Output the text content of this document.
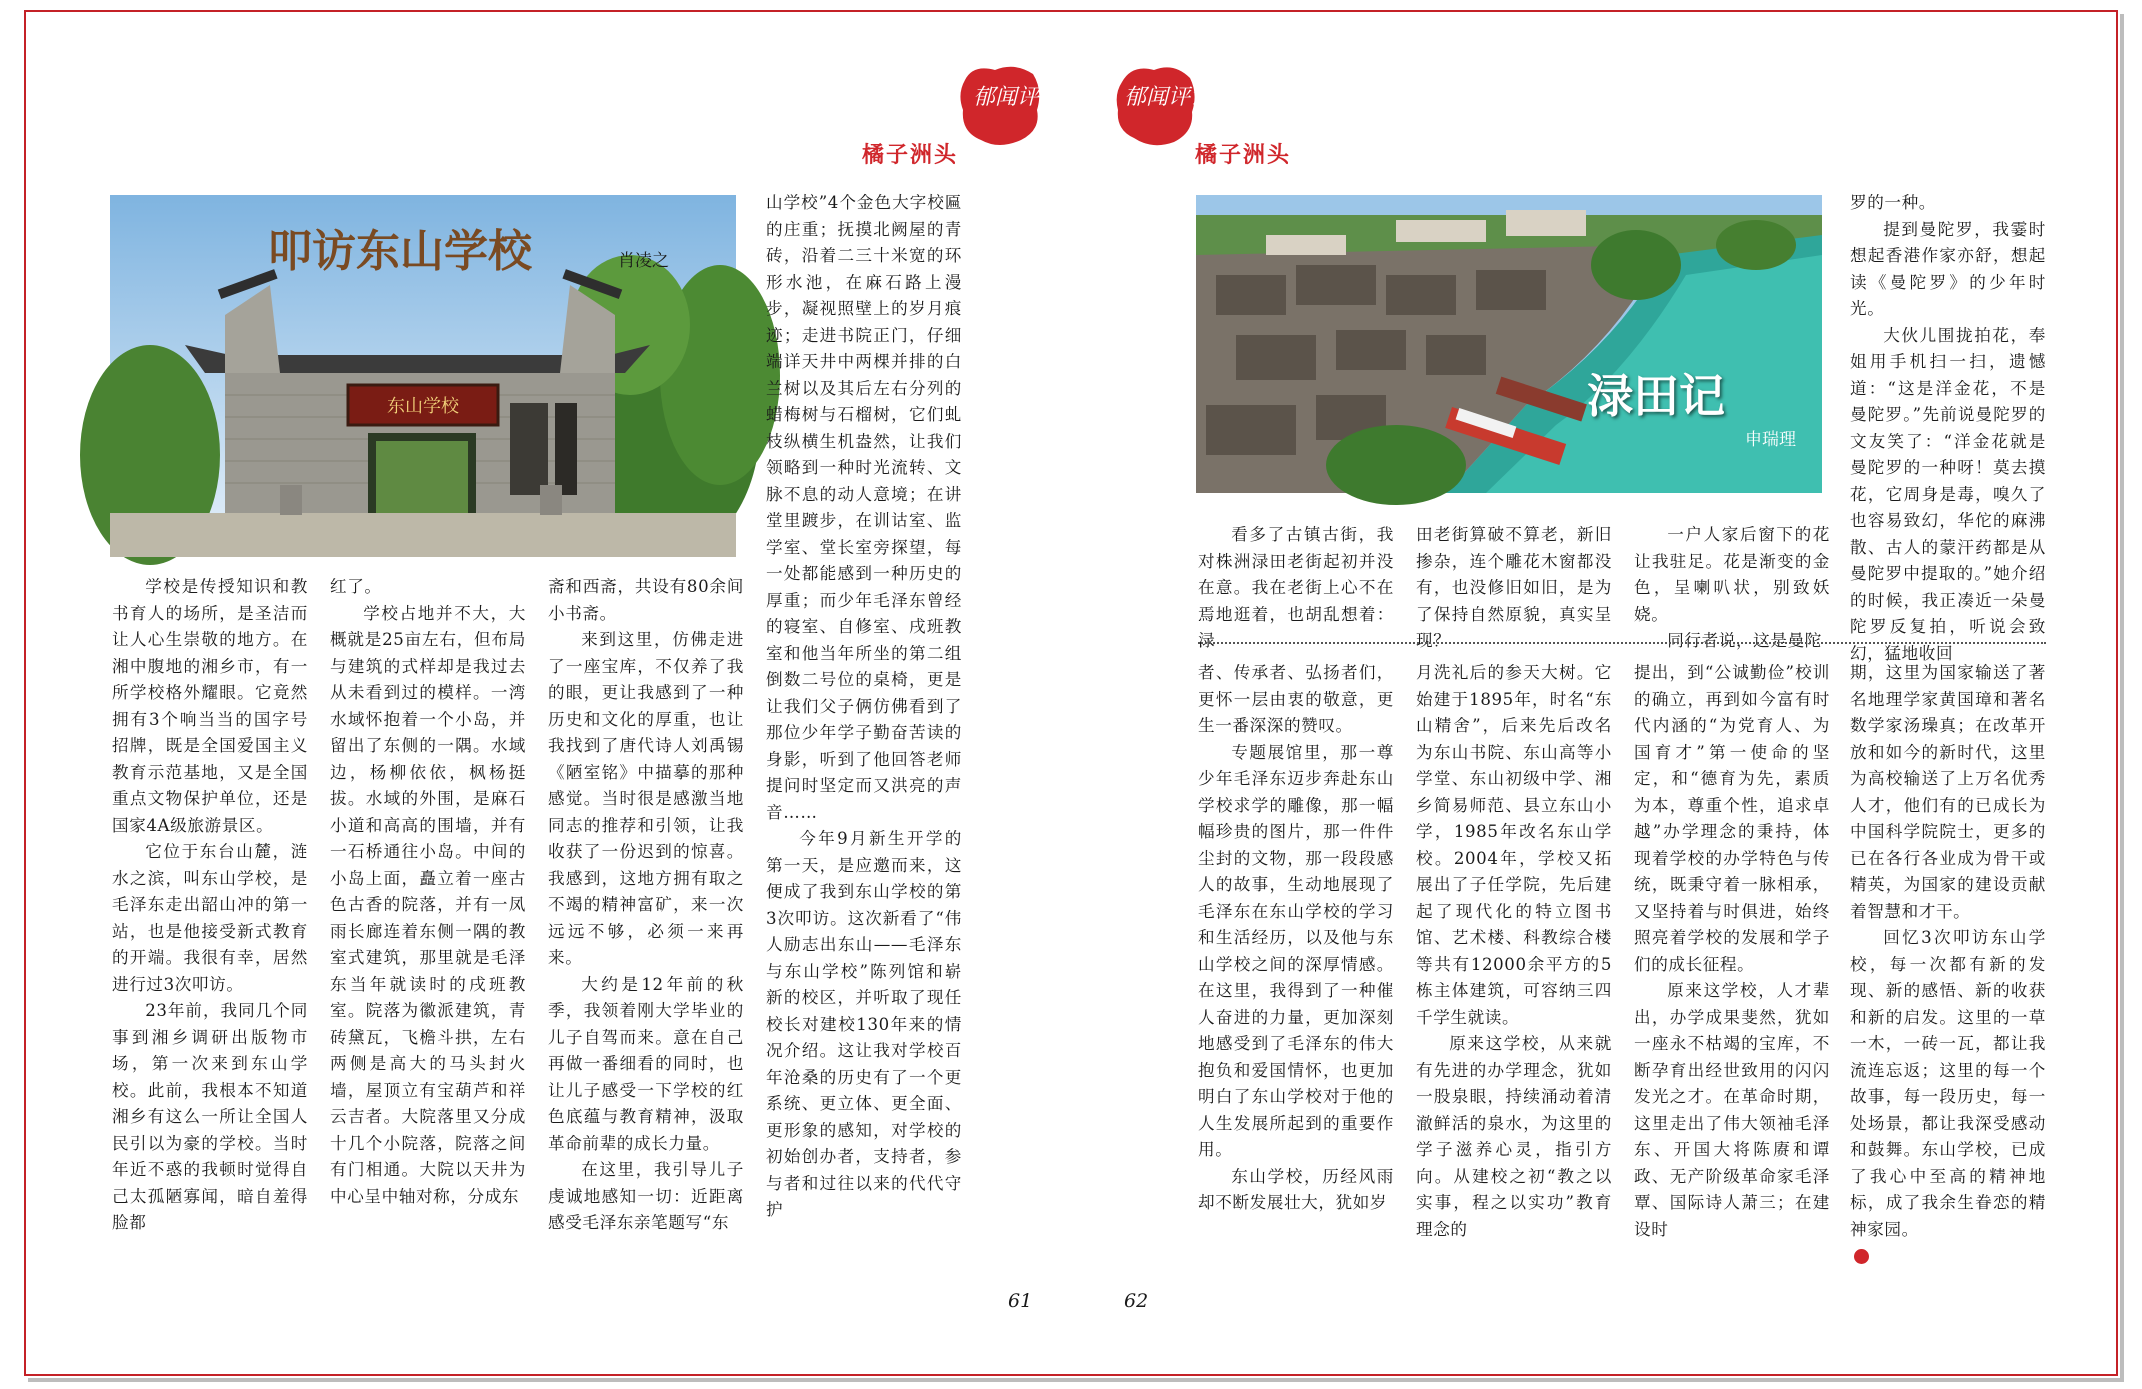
郁闻评论
橘子洲头
郁闻评论
橘子洲头
东山学校
叩访东山学校	肖凌之

学校是传授知识和教书育人的场所，是圣洁而让人心生崇敬的地方。在湘中腹地的湘乡市，有一所学校格外耀眼。它竟然拥有3个响当当的国字号招牌，既是全国爱国主义教育示范基地，又是全国重点文物保护单位，还是国家4A级旅游景区。

它位于东台山麓，涟水之滨，叫东山学校，是毛泽东走出韶山冲的第一站，也是他接受新式教育的开端。我很有幸，居然进行过3次叩访。

23年前，我同几个同事到湘乡调研出版物市场，第一次来到东山学校。此前，我根本不知道湘乡有这么一所让全国人民引以为豪的学校。当时年近不惑的我顿时觉得自己太孤陋寡闻，暗自羞得脸都

红了。

学校占地并不大，大概就是25亩左右，但布局与建筑的式样却是我过去从未看到过的模样。一湾水域怀抱着一个小岛，并留出了东侧的一隅。水域边，杨柳依依，枫杨挺拔。水域的外围，是麻石小道和高高的围墙，并有一石桥通往小岛。中间的小岛上面，矗立着一座古色古香的院落，并有一凤雨长廊连着东侧一隅的教室式建筑，那里就是毛泽东当年就读时的戌班教室。院落为徽派建筑，青砖黛瓦，飞檐斗拱，左右两侧是高大的马头封火墙，屋顶立有宝葫芦和祥云吉者。大院落里又分成十几个小院落，院落之间有门相通。大院以天井为中心呈中轴对称，分成东

斋和西斋，共设有80余间小书斋。

来到这里，仿佛走进了一座宝库，不仅养了我的眼，更让我感到了一种历史和文化的厚重，也让我找到了唐代诗人刘禹锡《陋室铭》中描摹的那种感觉。当时很是感激当地同志的推荐和引领，让我收获了一份迟到的惊喜。我感到，这地方拥有取之不竭的精神富矿，来一次远远不够，必须一来再来。

大约是12年前的秋季，我领着刚大学毕业的儿子自驾而来。意在自己再做一番细看的同时，也让儿子感受一下学校的红色底蕴与教育精神，汲取革命前辈的成长力量。

在这里，我引导儿子虔诚地感知一切：近距离感受毛泽东亲笔题写“东

山学校”4个金色大字校匾的庄重；抚摸北阙屋的青砖，沿着二三十米宽的环形水池，在麻石路上漫步，凝视照壁上的岁月痕迹；走进书院正门，仔细端详天井中两棵并排的白兰树以及其后左右分列的蜡梅树与石榴树，它们虬枝纵横生机盎然，让我们领略到一种时光流转、文脉不息的动人意境；在讲堂里踱步，在训诂室、监学室、堂长室旁探望，每一处都能感到一种历史的厚重；而少年毛泽东曾经的寝室、自修室、戌班教室和他当年所坐的第二组倒数二号位的桌椅，更是让我们父子俩仿佛看到了那位少年学子勤奋苦读的身影，听到了他回答老师提问时坚定而又洪亮的声音……

今年9月新生开学的第一天，是应邀而来，这便成了我到东山学校的第3次叩访。这次新看了“伟人励志出东山——毛泽东与东山学校”陈列馆和崭新的校区，并听取了现任校长对建校130年来的情况介绍。这让我对学校百年沧桑的历史有了一个更系统、更立体、更全面、更形象的感知，对学校的初始创办者，支持者，参与者和过往以来的代代守护

渌田记
申瑞理

罗的一种。

提到曼陀罗，我霎时想起香港作家亦舒，想起读《曼陀罗》的少年时光。

大伙儿围拢拍花，奉姐用手机扫一扫，遗憾道：“这是洋金花，不是曼陀罗。”先前说曼陀罗的文友笑了：“洋金花就是曼陀罗的一种呀！莫去摸花，它周身是毒，嗅久了也容易致幻，华佗的麻沸散、古人的蒙汗药都是从曼陀罗中提取的。”她介绍的时候，我正凑近一朵曼陀罗反复拍，听说会致幻，猛地收回

看多了古镇古街，我对株洲渌田老街起初并没在意。我在老街上心不在焉地逛着，也胡乱想着：渌

田老街算破不算老，新旧掺杂，连个雕花木窗都没有，也没修旧如旧，是为了保持自然原貌，真实呈现？

一户人家后窗下的花让我驻足。花是渐变的金色，呈喇叭状，别致妖娆。

同行者说，这是曼陀

者、传承者、弘扬者们，更怀一层由衷的敬意，更生一番深深的赞叹。

专题展馆里，那一尊少年毛泽东迈步奔赴东山学校求学的雕像，那一幅幅珍贵的图片，那一件件尘封的文物，那一段段感人的故事，生动地展现了毛泽东在东山学校的学习和生活经历，以及他与东山学校之间的深厚情感。在这里，我得到了一种催人奋进的力量，更加深刻地感受到了毛泽东的伟大抱负和爱国情怀，也更加明白了东山学校对于他的人生发展所起到的重要作用。

东山学校，历经风雨却不断发展壮大，犹如岁

月洗礼后的参天大树。它始建于1895年，时名“东山精舍”，后来先后改名为东山书院、东山高等小学堂、东山初级中学、湘乡简易师范、县立东山小学，1985年改名东山学校。2004年，学校又拓展出了子任学院，先后建起了现代化的特立图书馆、艺术楼、科教综合楼等共有12000余平方的5栋主体建筑，可容纳三四千学生就读。

原来这学校，从来就有先进的办学理念，犹如一股泉眼，持续涌动着清澈鲜活的泉水，为这里的学子滋养心灵，指引方向。从建校之初“教之以实事，程之以实功”教育理念的

提出，到“公诚勤俭”校训的确立，再到如今富有时代内涵的“为党育人、为国育才”第一使命的坚定，和“德育为先，素质为本，尊重个性，追求卓越”办学理念的秉持，体现着学校的办学特色与传统，既秉守着一脉相承，又坚持着与时俱进，始终照亮着学校的发展和学子们的成长征程。

原来这学校，人才辈出，办学成果斐然，犹如一座永不枯竭的宝库，不断孕育出经世致用的闪闪发光之才。在革命时期，这里走出了伟大领袖毛泽东、开国大将陈赓和谭政、无产阶级革命家毛泽覃、国际诗人萧三；在建设时

期，这里为国家输送了著名地理学家黄国璋和著名数学家汤璪真；在改革开放和如今的新时代，这里为高校输送了上万名优秀人才，他们有的已成长为中国科学院院士，更多的已在各行各业成为骨干或精英，为国家的建设贡献着智慧和才干。

回忆3次叩访东山学校，每一次都有新的发现、新的感悟、新的收获和新的启发。这里的一草一木，一砖一瓦，都让我流连忘返；这里的每一个故事，每一段历史，每一处场景，都让我深受感动和鼓舞。东山学校，已成了我心中至高的精神地标，成了我余生眷恋的精神家园。

61	62
